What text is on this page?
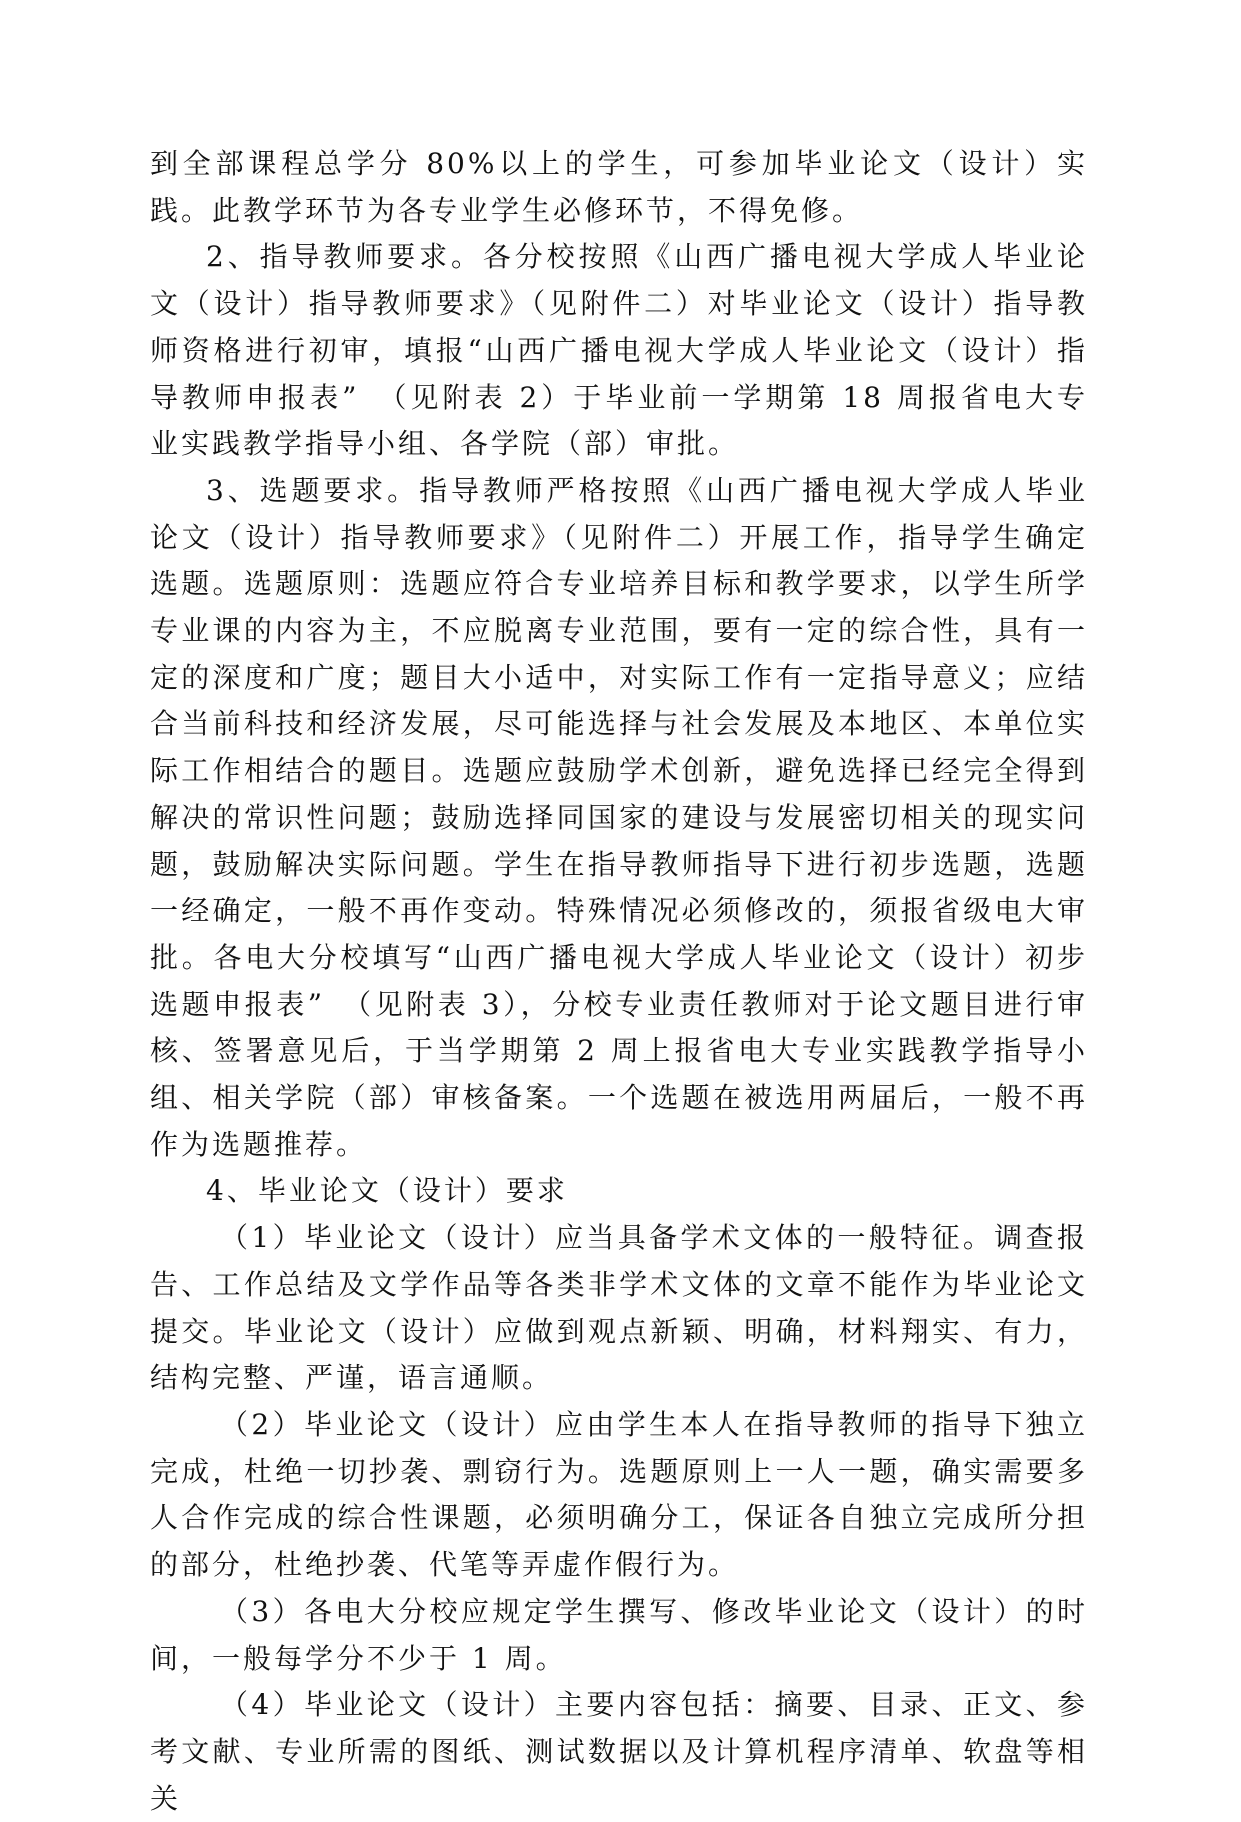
到全部课程总学分 80%以上的学生，可参加毕业论文（设计）实践。此教学环节为各专业学生必修环节，不得免修。

2、指导教师要求。各分校按照《山西广播电视大学成人毕业论文（设计）指导教师要求》（见附件二）对毕业论文（设计）指导教师资格进行初审，填报“山西广播电视大学成人毕业论文（设计）指导教师申报表”　（见附表 2）于毕业前一学期第 18 周报省电大专业实践教学指导小组、各学院（部）审批。

3、选题要求。指导教师严格按照《山西广播电视大学成人毕业论文（设计）指导教师要求》（见附件二）开展工作，指导学生确定选题。选题原则：选题应符合专业培养目标和教学要求，以学生所学专业课的内容为主，不应脱离专业范围，要有一定的综合性，具有一定的深度和广度；题目大小适中，对实际工作有一定指导意义；应结合当前科技和经济发展，尽可能选择与社会发展及本地区、本单位实际工作相结合的题目。选题应鼓励学术创新，避免选择已经完全得到解决的常识性问题；鼓励选择同国家的建设与发展密切相关的现实问题，鼓励解决实际问题。学生在指导教师指导下进行初步选题，选题一经确定，一般不再作变动。特殊情况必须修改的，须报省级电大审批。各电大分校填写“山西广播电视大学成人毕业论文（设计）初步选题申报表”　（见附表 3），分校专业责任教师对于论文题目进行审核、签署意见后，于当学期第 2 周上报省电大专业实践教学指导小组、相关学院（部）审核备案。一个选题在被选用两届后，一般不再作为选题推荐。

4、毕业论文（设计）要求

（1）毕业论文（设计）应当具备学术文体的一般特征。调查报告、工作总结及文学作品等各类非学术文体的文章不能作为毕业论文提交。毕业论文（设计）应做到观点新颖、明确，材料翔实、有力，结构完整、严谨，语言通顺。

（2）毕业论文（设计）应由学生本人在指导教师的指导下独立完成，杜绝一切抄袭、剽窃行为。选题原则上一人一题，确实需要多人合作完成的综合性课题，必须明确分工，保证各自独立完成所分担的部分，杜绝抄袭、代笔等弄虚作假行为。

（3）各电大分校应规定学生撰写、修改毕业论文（设计）的时间，一般每学分不少于 1 周。

（4）毕业论文（设计）主要内容包括：摘要、目录、正文、参考文献、专业所需的图纸、测试数据以及计算机程序清单、软盘等相关
